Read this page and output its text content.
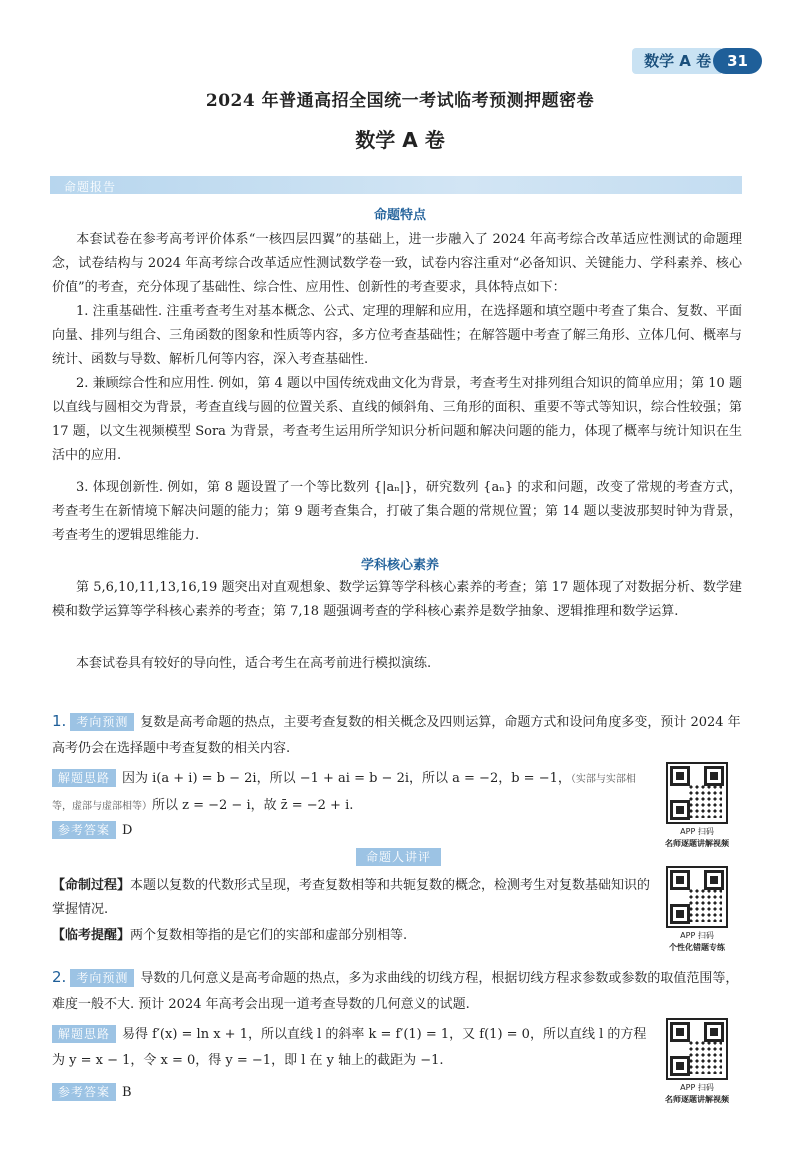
数学 A 卷	31
2024 年普通高招全国统一考试临考预测押题密卷
数学 A 卷
命题报告
命题特点
本套试卷在参考高考评价体系“一核四层四翼”的基础上，进一步融入了 2024 年高考综合改革适应性测试的命题理念，试卷结构与 2024 年高考综合改革适应性测试数学卷一致，试卷内容注重对“必备知识、关键能力、学科素养、核心价值”的考查，充分体现了基础性、综合性、应用性、创新性的考查要求，具体特点如下：
1. 注重基础性. 注重考查考生对基本概念、公式、定理的理解和应用，在选择题和填空题中考查了集合、复数、平面向量、排列与组合、三角函数的图象和性质等内容，多方位考查基础性；在解答题中考查了解三角形、立体几何、概率与统计、函数与导数、解析几何等内容，深入考查基础性.
2. 兼顾综合性和应用性. 例如，第 4 题以中国传统戏曲文化为背景，考查考生对排列组合知识的简单应用；第 10 题以直线与圆相交为背景，考查直线与圆的位置关系、直线的倾斜角、三角形的面积、重要不等式等知识，综合性较强；第 17 题，以文生视频模型 Sora 为背景，考查考生运用所学知识分析问题和解决问题的能力，体现了概率与统计知识在生活中的应用.
3. 体现创新性. 例如，第 8 题设置了一个等比数列 {|aₙ|}，研究数列 {aₙ} 的求和问题，改变了常规的考查方式，考查考生在新情境下解决问题的能力；第 9 题考查集合，打破了集合题的常规位置；第 14 题以斐波那契时钟为背景，考查考生的逻辑思维能力.
学科核心素养
第 5,6,10,11,13,16,19 题突出对直观想象、数学运算等学科核心素养的考查；第 17 题体现了对数据分析、数学建模和数学运算等学科核心素养的考查；第 7,18 题强调考查的学科核心素养是数学抽象、逻辑推理和数学运算.
本套试卷具有较好的导向性，适合考生在高考前进行模拟演练.
1. 考向预测 复数是高考命题的热点，主要考查复数的相关概念及四则运算，命题方式和设问角度多变，预计 2024 年高考仍会在选择题中考查复数的相关内容.
解题思路 因为 i(a + i) = b − 2i，所以 −1 + ai = b − 2i，所以 a = −2，b = −1，（实部与实部相等，虚部与虚部相等）所以 z = −2 − i，故 z̄ = −2 + i.
参考答案 D	APP 扫码
名师逐题讲解视频
命题人讲评
【命制过程】本题以复数的代数形式呈现，考查复数相等和共轭复数的概念，检测考生对复数基础知识的掌握情况.
【临考提醒】两个复数相等指的是它们的实部和虚部分别相等.	APP 扫码
个性化错题专练
2. 考向预测 导数的几何意义是高考命题的热点，多为求曲线的切线方程，根据切线方程求参数或参数的取值范围等，难度一般不大. 预计 2024 年高考会出现一道考查导数的几何意义的试题.
解题思路 易得 f′(x) = ln x + 1，所以直线 l 的斜率 k = f′(1) = 1，又 f(1) = 0，所以直线 l 的方程为 y = x − 1，令 x = 0，得 y = −1，即 l 在 y 轴上的截距为 −1.
参考答案 B	APP 扫码
名师逐题讲解视频
